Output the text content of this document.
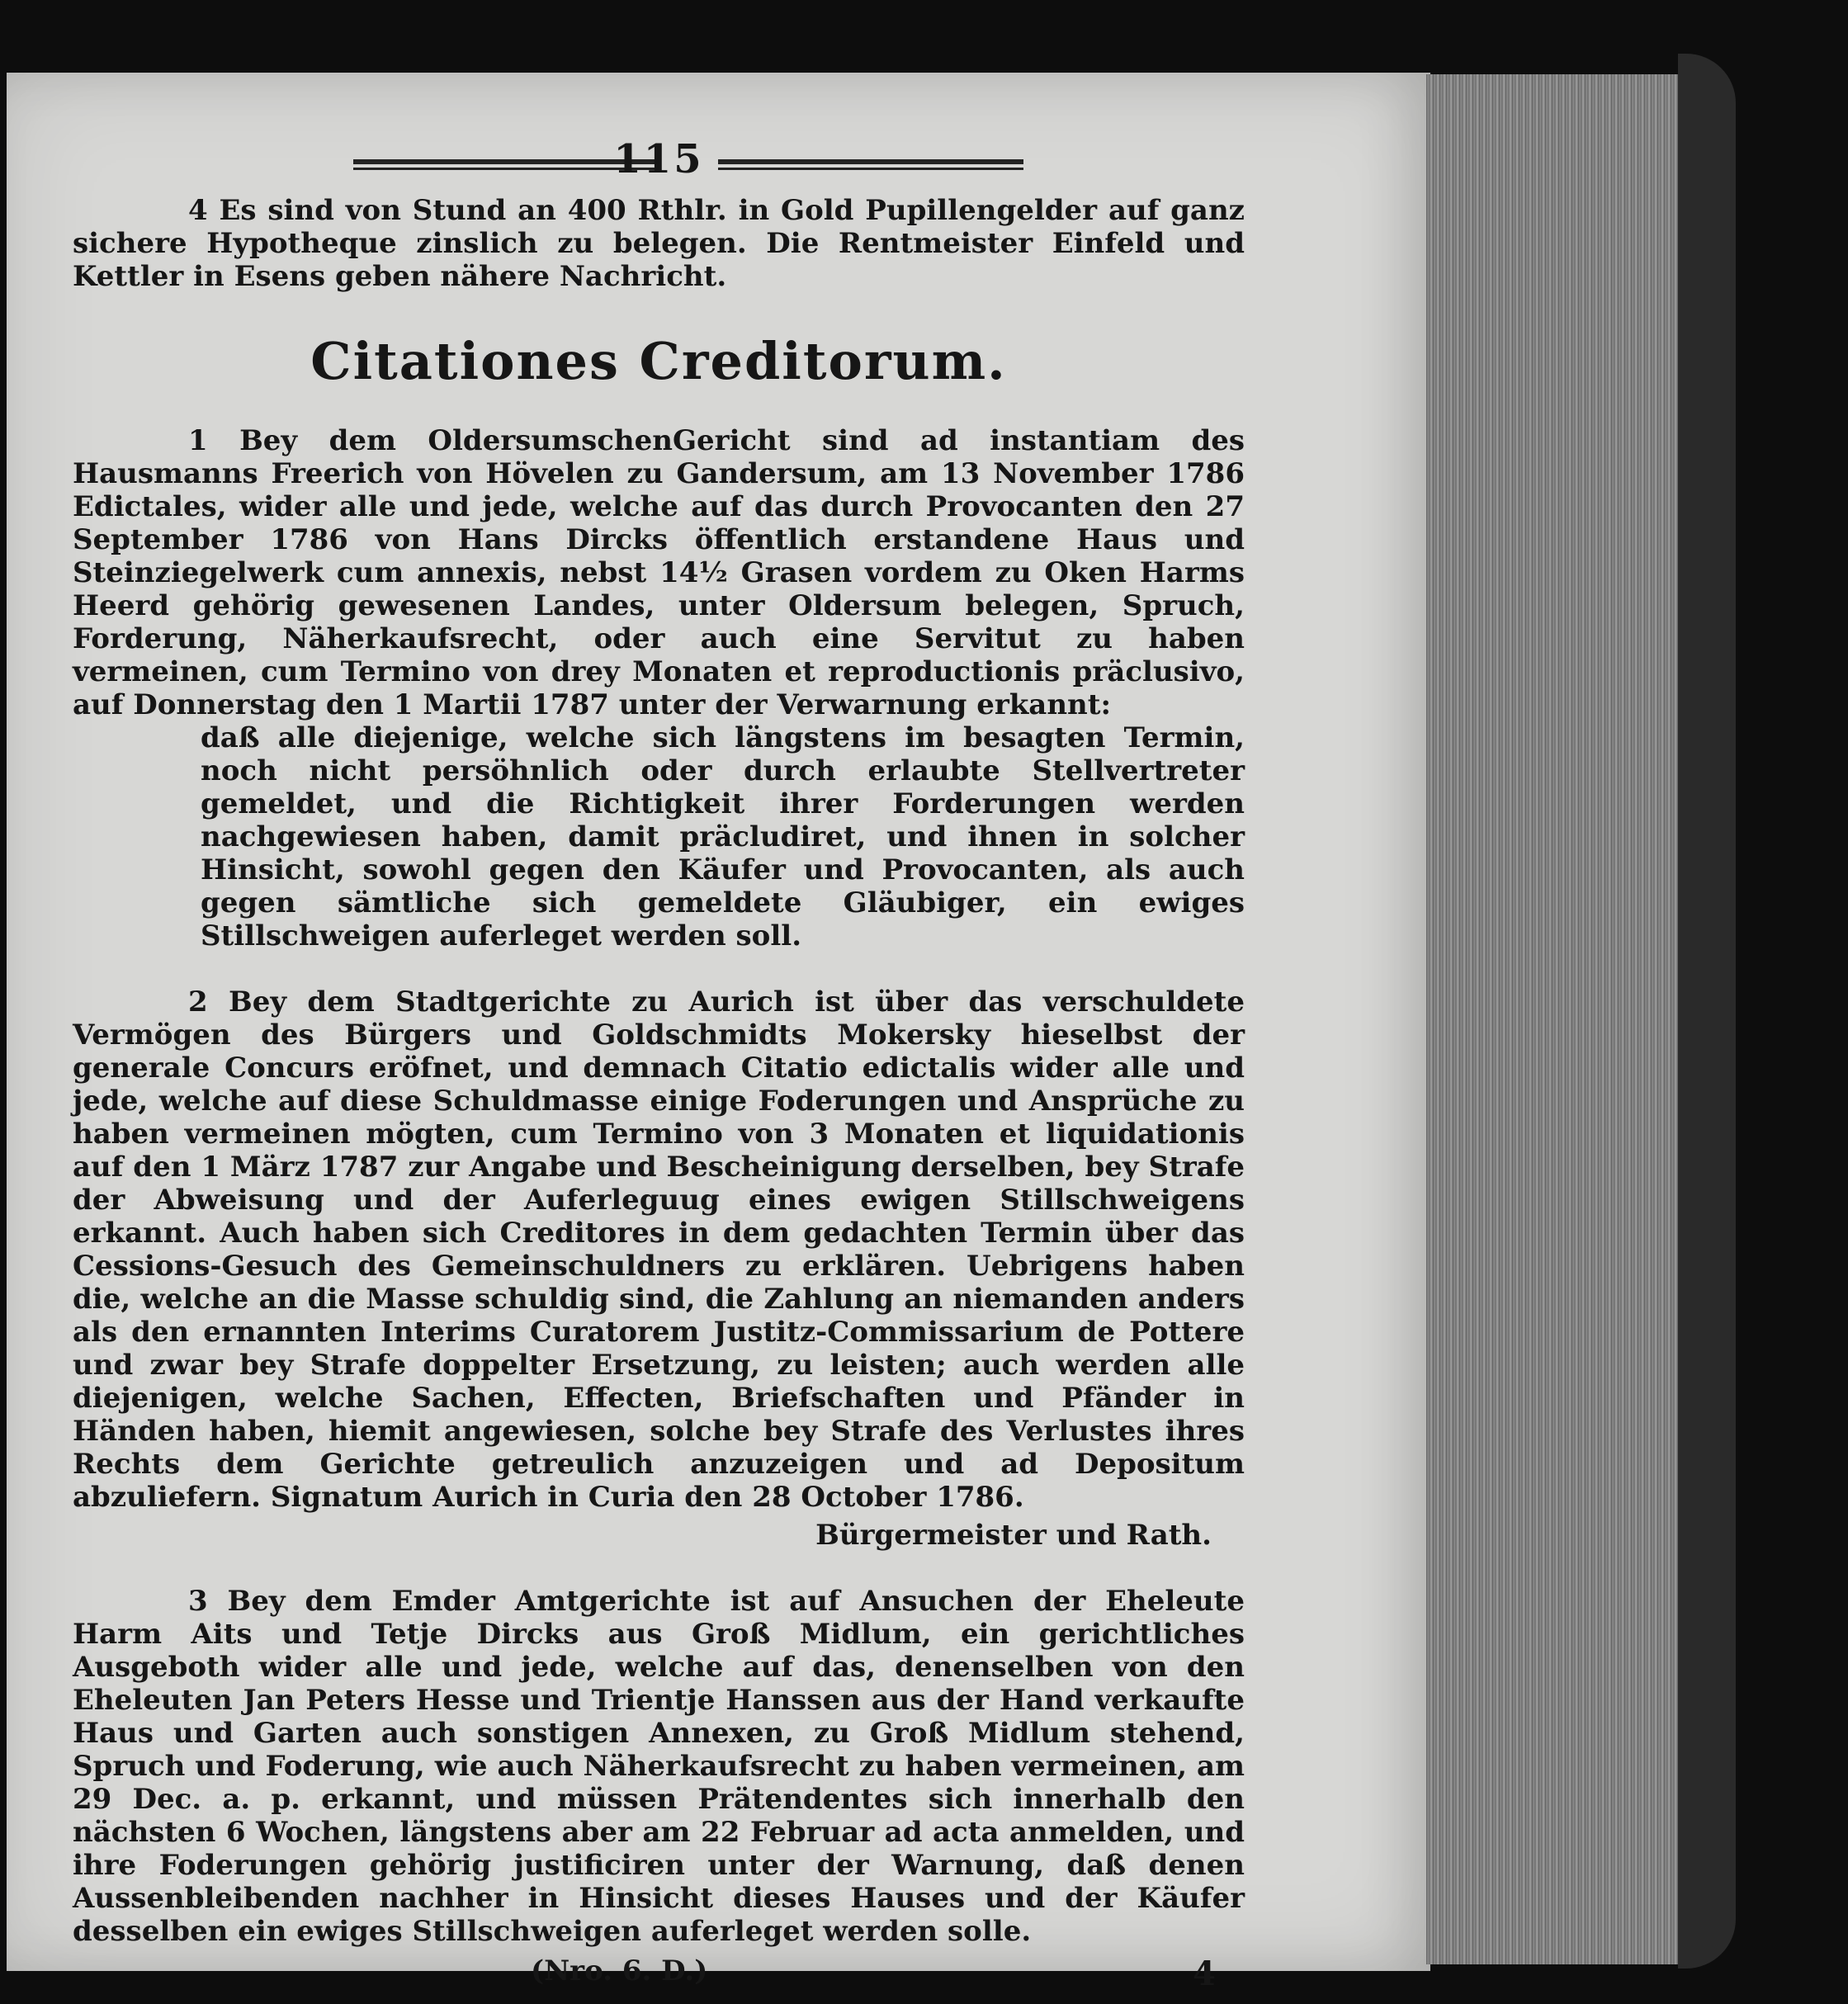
115

4 Es sind von Stund an 400 Rthlr. in Gold Pupillengelder auf ganz sichere Hypotheque zinslich zu belegen. Die Rentmeister Einfeld und Kettler in Esens geben nähere Nachricht.

Citationes Creditorum.

1 Bey dem OldersumschenGericht sind ad instantiam des Hausmanns Freerich von Hövelen zu Gandersum, am 13 November 1786 Edictales, wider alle und jede, welche auf das durch Provocanten den 27 September 1786 von Hans Dircks öffentlich erstandene Haus und Steinziegelwerk cum annexis, nebst 14½ Grasen vordem zu Oken Harms Heerd gehörig gewesenen Landes, unter Oldersum belegen, Spruch, Forderung, Näherkaufsrecht, oder auch eine Servitut zu haben vermeinen, cum Termino von drey Monaten et reproductionis präclusivo, auf Donnerstag den 1 Martii 1787 unter der Verwarnung erkannt:

daß alle diejenige, welche sich längstens im besagten Termin, noch nicht persöhnlich oder durch erlaubte Stellvertreter gemeldet, und die Richtigkeit ihrer Forderungen werden nachgewiesen haben, damit präcludiret, und ihnen in solcher Hinsicht, sowohl gegen den Käufer und Provocanten, als auch gegen sämtliche sich gemeldete Gläubiger, ein ewiges Stillschweigen auferleget werden soll.

2 Bey dem Stadtgerichte zu Aurich ist über das verschuldete Vermögen des Bürgers und Goldschmidts Mokersky hieselbst der generale Concurs eröfnet, und demnach Citatio edictalis wider alle und jede, welche auf diese Schuldmasse einige Foderungen und Ansprüche zu haben vermeinen mögten, cum Termino von 3 Monaten et liquidationis auf den 1 März 1787 zur Angabe und Bescheinigung derselben, bey Strafe der Abweisung und der Auferleguug eines ewigen Stillschweigens erkannt. Auch haben sich Creditores in dem gedachten Termin über das Cessions-Gesuch des Gemeinschuldners zu erklären. Uebrigens haben die, welche an die Masse schuldig sind, die Zahlung an niemanden anders als den ernannten Interims Curatorem Justitz-Commissarium de Pottere und zwar bey Strafe doppelter Ersetzung, zu leisten; auch werden alle diejenigen, welche Sachen, Effecten, Briefschaften und Pfänder in Händen haben, hiemit angewiesen, solche bey Strafe des Verlustes ihres Rechts dem Gerichte getreulich anzuzeigen und ad Depositum abzuliefern. Signatum Aurich in Curia den 28 October 1786.

Bürgermeister und Rath.

3 Bey dem Emder Amtgerichte ist auf Ansuchen der Eheleute Harm Aits und Tetje Dircks aus Groß Midlum, ein gerichtliches Ausgeboth wider alle und jede, welche auf das, denenselben von den Eheleuten Jan Peters Hesse und Trientje Hanssen aus der Hand verkaufte Haus und Garten auch sonstigen Annexen, zu Groß Midlum stehend, Spruch und Foderung, wie auch Näherkaufsrecht zu haben vermeinen, am 29 Dec. a. p. erkannt, und müssen Prätendentes sich innerhalb den nächsten 6 Wochen, längstens aber am 22 Februar ad acta anmelden, und ihre Foderungen gehörig justificiren unter der Warnung, daß denen Aussenbleibenden nachher in Hinsicht dieses Hauses und der Käufer desselben ein ewiges Stillschweigen auferleget werden solle.

(Nro. 6. D.)	4
